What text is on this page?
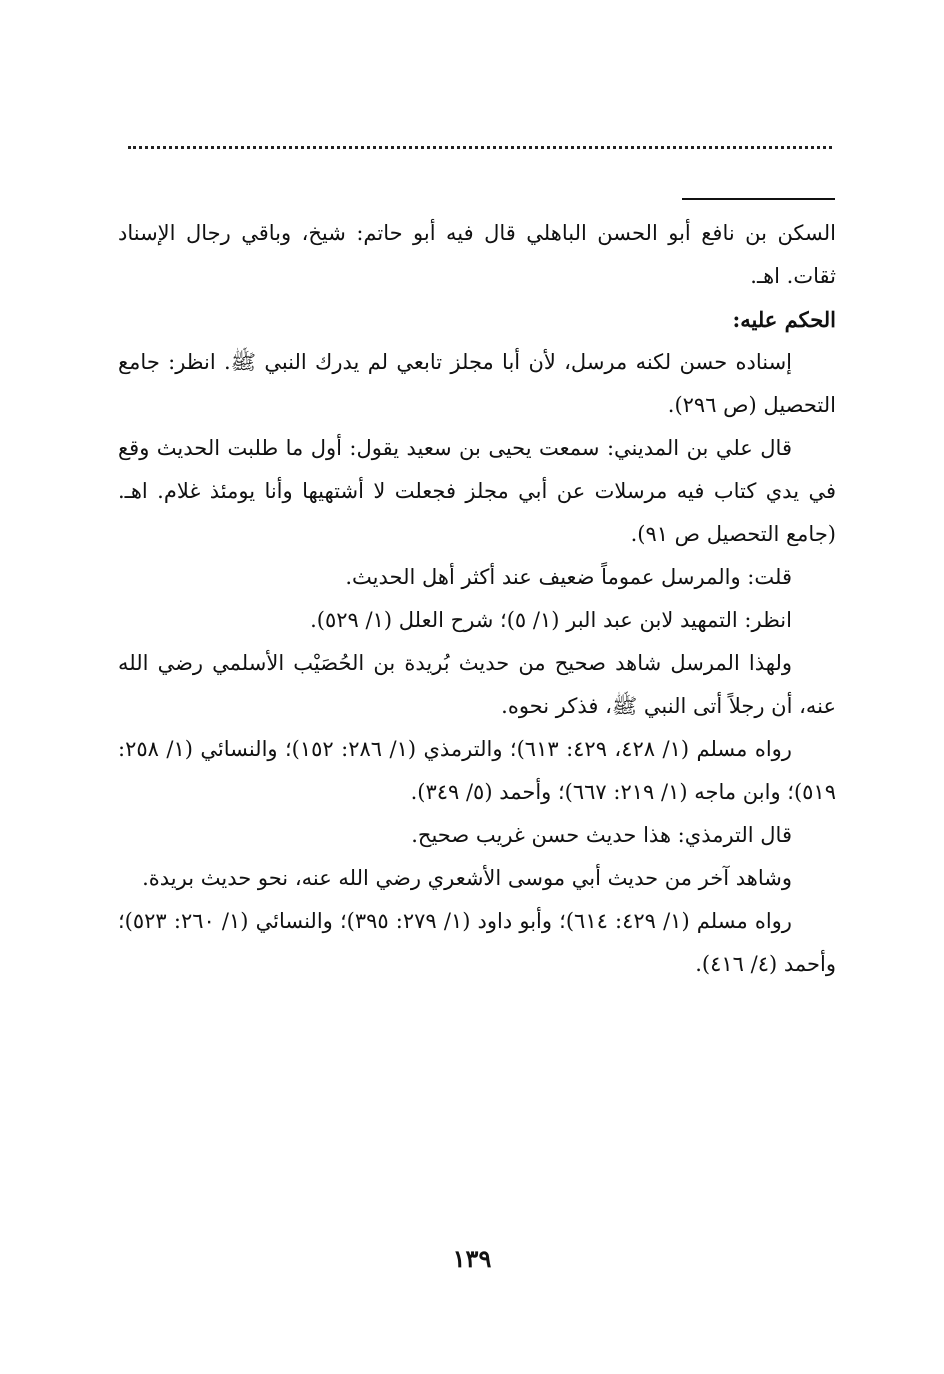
السكن بن نافع أبو الحسن الباهلي قال فيه أبو حاتم: شيخ، وباقي رجال الإسناد ثقات. اهـ.

الحكم عليه:

إسناده حسن لكنه مرسل، لأن أبا مجلز تابعي لم يدرك النبي ﷺ. انظر: جامع التحصيل (ص ٢٩٦).

قال علي بن المديني: سمعت يحيى بن سعيد يقول: أول ما طلبت الحديث وقع في يدي كتاب فيه مرسلات عن أبي مجلز فجعلت لا أشتهيها وأنا يومئذ غلام. اهـ. (جامع التحصيل ص ٩١).

قلت: والمرسل عموماً ضعيف عند أكثر أهل الحديث.

انظر: التمهيد لابن عبد البر (١/ ٥)؛ شرح العلل (١/ ٥٢٩).

ولهذا المرسل شاهد صحيح من حديث بُريدة بن الحُصَيْب الأسلمي رضي الله عنه، أن رجلاً أتى النبي ﷺ، فذكر نحوه.

رواه مسلم (١/ ٤٢٨، ٤٢٩: ٦١٣)؛ والترمذي (١/ ٢٨٦: ١٥٢)؛ والنسائي (١/ ٢٥٨: ٥١٩)؛ وابن ماجه (١/ ٢١٩: ٦٦٧)؛ وأحمد (٥/ ٣٤٩).

قال الترمذي: هذا حديث حسن غريب صحيح.

وشاهد آخر من حديث أبي موسى الأشعري رضي الله عنه، نحو حديث بريدة.

رواه مسلم (١/ ٤٢٩: ٦١٤)؛ وأبو داود (١/ ٢٧٩: ٣٩٥)؛ والنسائي (١/ ٢٦٠: ٥٢٣)؛ وأحمد (٤/ ٤١٦).

١٣٩
